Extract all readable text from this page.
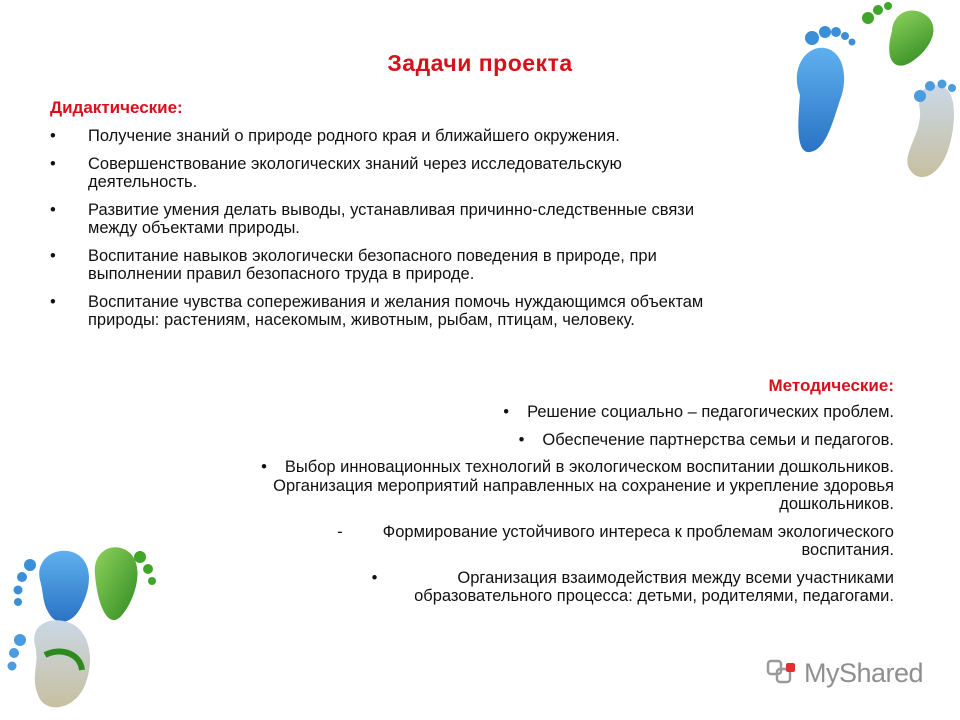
Задачи проекта
Дидактические:
• Получение знаний о природе родного края и ближайшего окружения.
• Совершенствование экологических знаний через исследовательскую
деятельность.
• Развитие умения делать выводы, устанавливая причинно-следственные связи
между объектами природы.
• Воспитание навыков экологически безопасного поведения в природе, при
выполнении правил безопасного труда в природе.
• Воспитание чувства сопереживания и желания помочь нуждающимся объектам
природы: растениям, насекомым, животным, рыбам, птицам, человеку.
Методические:
• Решение социально – педагогических проблем.
• Обеспечение партнерства семьи и педагогов.
• Выбор инновационных технологий в экологическом воспитании дошкольников.
Организация мероприятий направленных на сохранение и укрепление здоровья
дошкольников.
- Формирование устойчивого интереса к проблемам экологического
воспитания.
•	Организация взаимодействия между всеми участниками
образовательного процесса: детьми, родителями, педагогами.
MyShared
